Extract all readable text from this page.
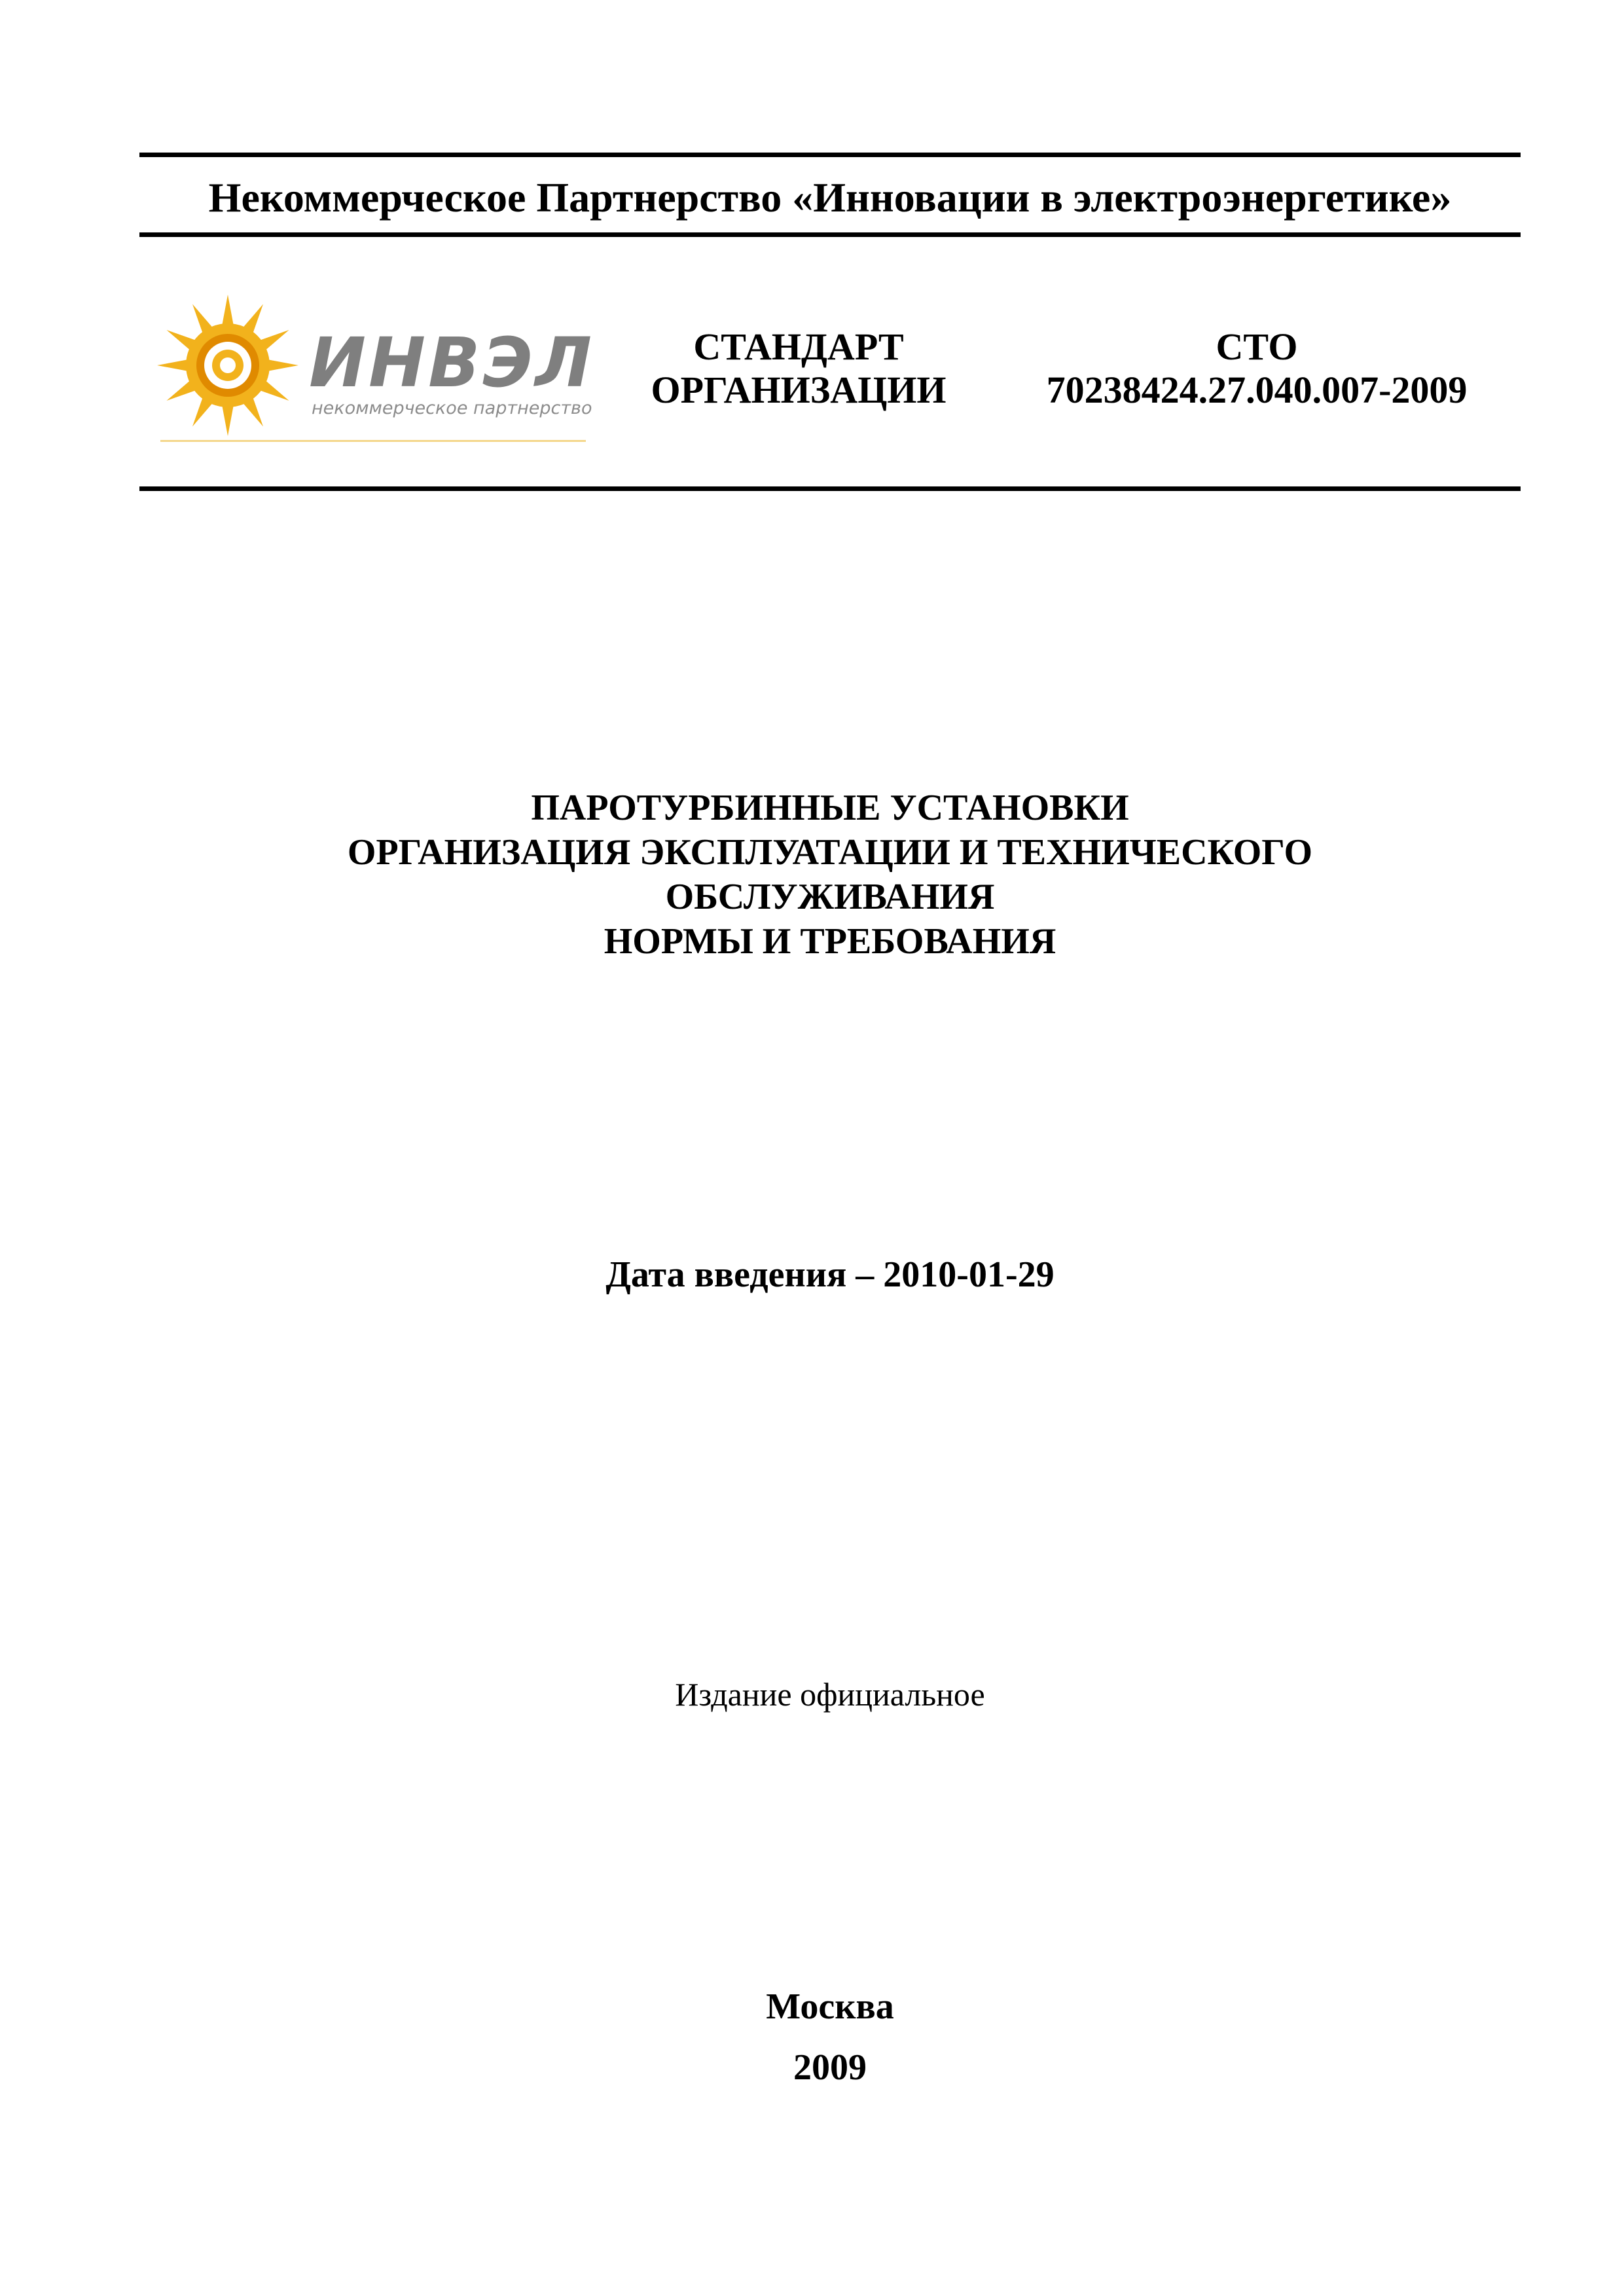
Некоммерческое Партнерство «Инновации в электроэнергетике»
ИНВЭЛ
некоммерческое партнерство
СТАНДАРТ
ОРГАНИЗАЦИИ
СТО
70238424.27.040.007-2009
ПАРОТУРБИННЫЕ УСТАНОВКИ
ОРГАНИЗАЦИЯ ЭКСПЛУАТАЦИИ И ТЕХНИЧЕСКОГО
ОБСЛУЖИВАНИЯ
НОРМЫ И ТРЕБОВАНИЯ
Дата введения – 2010-01-29
Издание официальное
Москва
2009
